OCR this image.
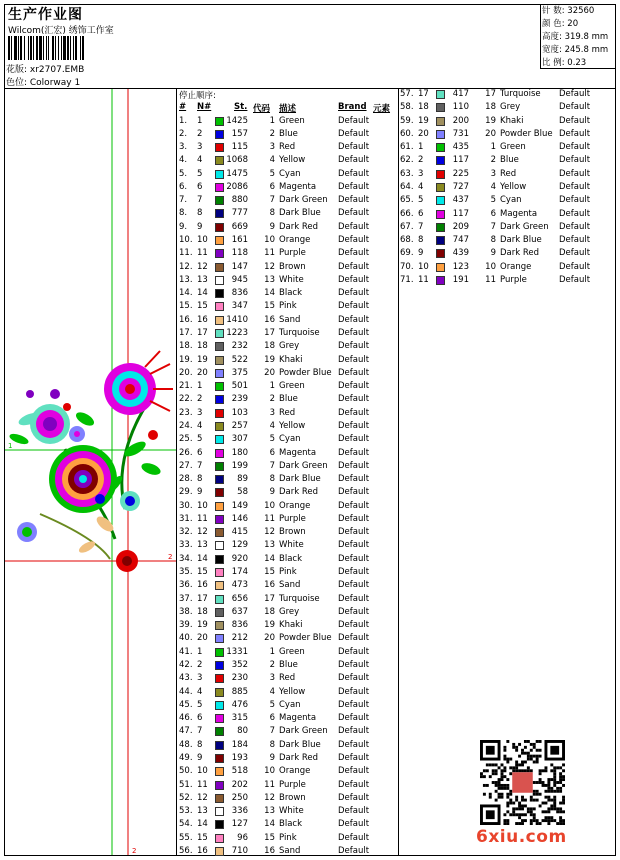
生产作业图
Wilcom(汇宏) 绣饰工作室
花版: xr2707.EMB
色位: Colorway 1
针 数: 32560
颜 色: 20
高度: 319.8 mm
宽度: 245.8 mm
比 例: 0.23
1
2
2
停止顺序:
# N#	St. 代码 描述	Brand 元素
1. 1	1425	1 Green	Default
2. 2	157	2 Blue	Default
3. 3	115	3 Red	Default
4. 4	1068	4 Yellow	Default
5. 5	1475	5 Cyan	Default
6. 6	2086	6 Magenta	Default
7. 7	880	7 Dark Green Default
8. 8	777	8 Dark Blue Default
9. 9	669	9 Dark Red Default
10. 10	161	10 Orange	Default
11. 11	118	11 Purple	Default
12. 12	147	12 Brown	Default
13. 13	945	13 White	Default
14. 14	836	14 Black	Default
15. 15	347	15 Pink	Default
16. 16	1410	16 Sand	Default
17. 17	1223	17 Turquoise Default
18. 18	232	18 Grey	Default
19. 19	522	19 Khaki	Default
20. 20	375	20 Powder Blue Default
21. 1	501	1 Green	Default
22. 2	239	2 Blue	Default
23. 3	103	3 Red	Default
24. 4	257	4 Yellow	Default
25. 5	307	5 Cyan	Default
26. 6	180	6 Magenta	Default
27. 7	199	7 Dark Green Default
28. 8	89	8 Dark Blue Default
29. 9	58	9 Dark Red Default
30. 10	149	10 Orange	Default
31. 11	146	11 Purple	Default
32. 12	415	12 Brown	Default
33. 13	129	13 White	Default
34. 14	920	14 Black	Default
35. 15	174	15 Pink	Default
36. 16	473	16 Sand	Default
37. 17	656	17 Turquoise Default
38. 18	637	18 Grey	Default
39. 19	836	19 Khaki	Default
40. 20	212	20 Powder Blue Default
41. 1	1331	1 Green	Default
42. 2	352	2 Blue	Default
43. 3	230	3 Red	Default
44. 4	885	4 Yellow	Default
45. 5	476	5 Cyan	Default
46. 6	315	6 Magenta	Default
47. 7	80	7 Dark Green Default
48. 8	184	8 Dark Blue Default
49. 9	193	9 Dark Red Default
50. 10	518	10 Orange	Default
51. 11	202	11 Purple	Default
52. 12	250	12 Brown	Default
53. 13	336	13 White	Default
54. 14	127	14 Black	Default
55. 15	96	15 Pink	Default
56. 16	710	16 Sand	Default
57. 17	417	17 Turquoise Default
58. 18	110	18 Grey	Default
59. 19	200	19 Khaki	Default
60. 20	731	20 Powder Blue Default
61. 1	435	1 Green	Default
62. 2	117	2 Blue	Default
63. 3	225	3 Red	Default
64. 4	727	4 Yellow	Default
65. 5	437	5 Cyan	Default
66. 6	117	6 Magenta	Default
67. 7	209	7 Dark Green Default
68. 8	747	8 Dark Blue Default
69. 9	439	9 Dark Red Default
70. 10	123	10 Orange	Default
71. 11	191	11 Purple	Default
6xiu.com
